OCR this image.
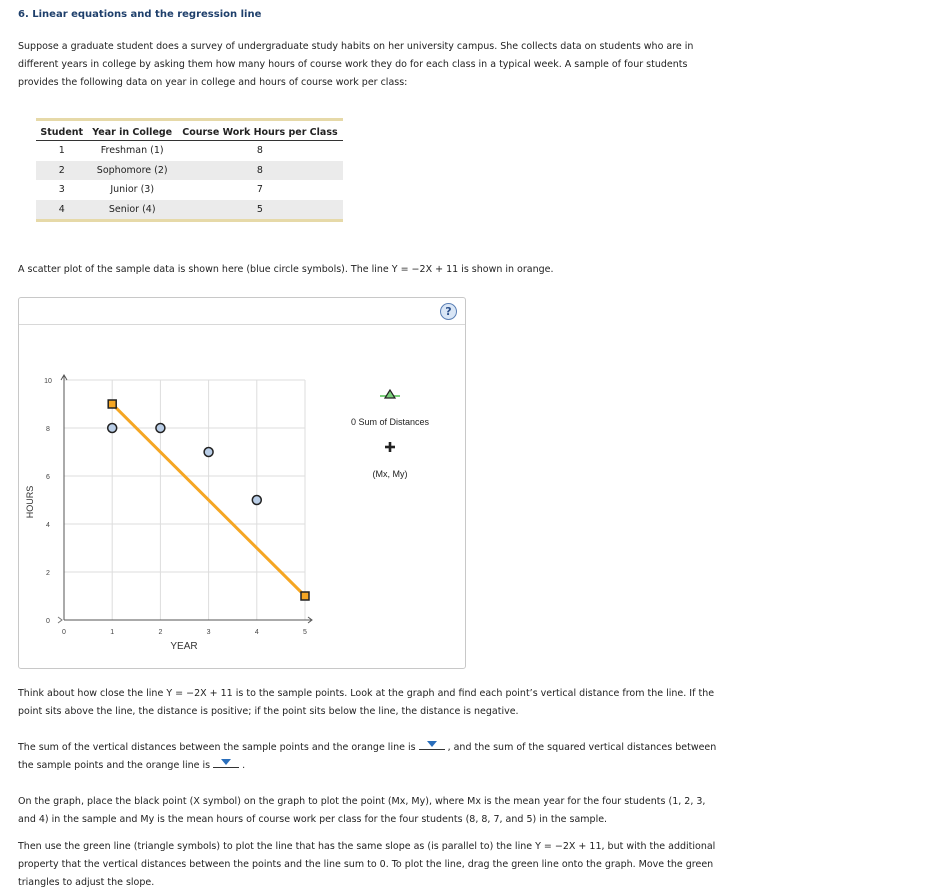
6. Linear equations and the regression line
Suppose a graduate student does a survey of undergraduate study habits on her university campus. She collects data on students who are in different years in college by asking them how many hours of course work they do for each class in a typical week. A sample of four students provides the following data on year in college and hours of course work per class:
Student	Year in College	Course Work Hours per Class
1	Freshman (1)	8
2	Sophomore (2)	8
3	Junior (3)	7
4	Senior (4)	5
A scatter plot of the sample data is shown here (blue circle symbols). The line Y = −2X + 11 is shown in orange.
?
0	1	2	3	4	5
0
2
4
6
8
10
YEAR
HOURS
0 Sum of Distances
(Mx, My)
Think about how close the line Y = −2X + 11 is to the sample points. Look at the graph and find each point’s vertical distance from the line. If the point sits above the line, the distance is positive; if the point sits below the line, the distance is negative.
The sum of the vertical distances between the sample points and the orange line is	, and the sum of the squared vertical distances between the sample points and the orange line is	.
On the graph, place the black point (X symbol) on the graph to plot the point (Mx, My), where Mx is the mean year for the four students (1, 2, 3, and 4) in the sample and My is the mean hours of course work per class for the four students (8, 8, 7, and 5) in the sample.
Then use the green line (triangle symbols) to plot the line that has the same slope as (is parallel to) the line Y = −2X + 11, but with the additional property that the vertical distances between the points and the line sum to 0. To plot the line, drag the green line onto the graph. Move the green triangles to adjust the slope.
